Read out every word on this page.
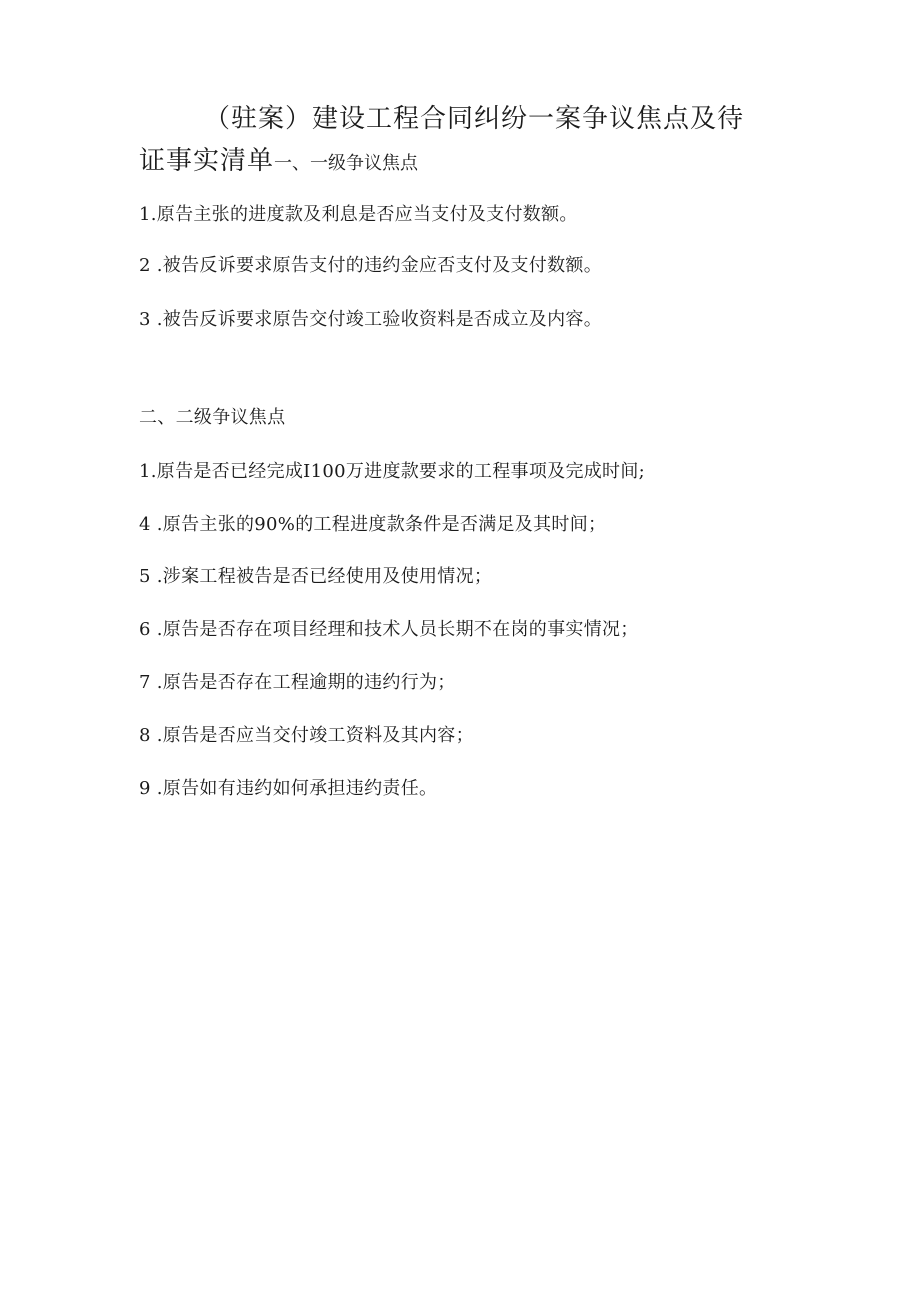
（驻案）建设工程合同纠纷一案争议焦点及待
证事实清单一、一级争议焦点
1.原告主张的进度款及利息是否应当支付及支付数额。
2 .被告反诉要求原告支付的违约金应否支付及支付数额。
3 .被告反诉要求原告交付竣工验收资料是否成立及内容。
二、二级争议焦点
1.原告是否已经完成I100万进度款要求的工程事项及完成时间;
4 .原告主张的90%的工程进度款条件是否满足及其时间；
5 .涉案工程被告是否已经使用及使用情况；
6 .原告是否存在项目经理和技术人员长期不在岗的事实情况；
7 .原告是否存在工程逾期的违约行为；
8 .原告是否应当交付竣工资料及其内容；
9 .原告如有违约如何承担违约责任。
